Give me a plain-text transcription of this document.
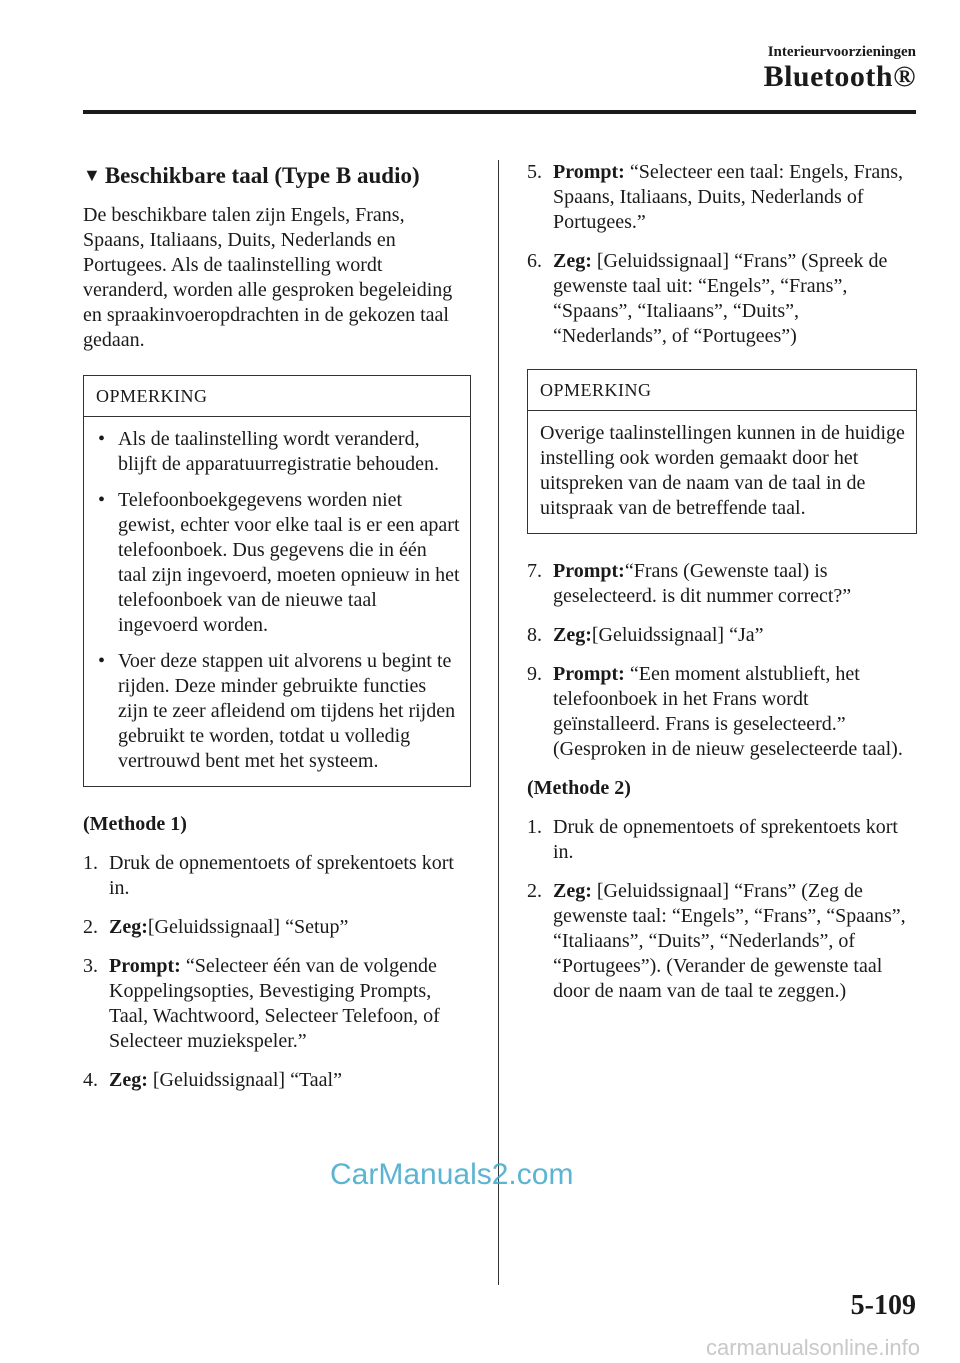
Interieurvoorzieningen
Bluetooth®
▼ Beschikbare taal (Type B audio)

De beschikbare talen zijn Engels, Frans, Spaans, Italiaans, Duits, Nederlands en Portugees. Als de taalinstelling wordt veranderd, worden alle gesproken begeleiding en spraakinvoeropdrachten in de gekozen taal gedaan.

OPMERKING
• Als de taalinstelling wordt veranderd, blijft de apparatuurregistratie behouden.
• Telefoonboekgegevens worden niet gewist, echter voor elke taal is er een apart telefoonboek. Dus gegevens die in één taal zijn ingevoerd, moeten opnieuw in het telefoonboek van de nieuwe taal ingevoerd worden.
• Voer deze stappen uit alvorens u begint te rijden. Deze minder gebruikte functies zijn te zeer afleidend om tijdens het rijden gebruikt te worden, totdat u volledig vertrouwd bent met het systeem.

(Methode 1)

1. Druk de opnementoets of sprekentoets kort in.
2. Zeg:[Geluidssignaal] “Setup”
3. Prompt: “Selecteer één van de volgende Koppelingsopties, Bevestiging Prompts, Taal, Wachtwoord, Selecteer Telefoon, of Selecteer muziekspeler.”
4. Zeg: [Geluidssignaal] “Taal”
5. Prompt: “Selecteer een taal: Engels, Frans, Spaans, Italiaans, Duits, Nederlands of Portugees.”
6. Zeg: [Geluidssignaal] “Frans” (Spreek de gewenste taal uit: “Engels”, “Frans”, “Spaans”, “Italiaans”, “Duits”, “Nederlands”, of “Portugees”)
OPMERKING

Overige taalinstellingen kunnen in de huidige instelling ook worden gemaakt door het uitspreken van de naam van de taal in de uitspraak van de betreffende taal.

7. Prompt:“Frans (Gewenste taal) is geselecteerd. is dit nummer correct?”
8. Zeg:[Geluidssignaal] “Ja”
9. Prompt: “Een moment alstublieft, het telefoonboek in het Frans wordt geïnstalleerd. Frans is geselecteerd.” (Gesproken in de nieuw geselecteerde taal).

(Methode 2)

1. Druk de opnementoets of sprekentoets kort in.
2. Zeg: [Geluidssignaal] “Frans” (Zeg de gewenste taal: “Engels”, “Frans”, “Spaans”, “Italiaans”, “Duits”, “Nederlands”, of “Portugees”). (Verander de gewenste taal door de naam van de taal te zeggen.)
CarManuals2.com
5-109
carmanualsonline.info
